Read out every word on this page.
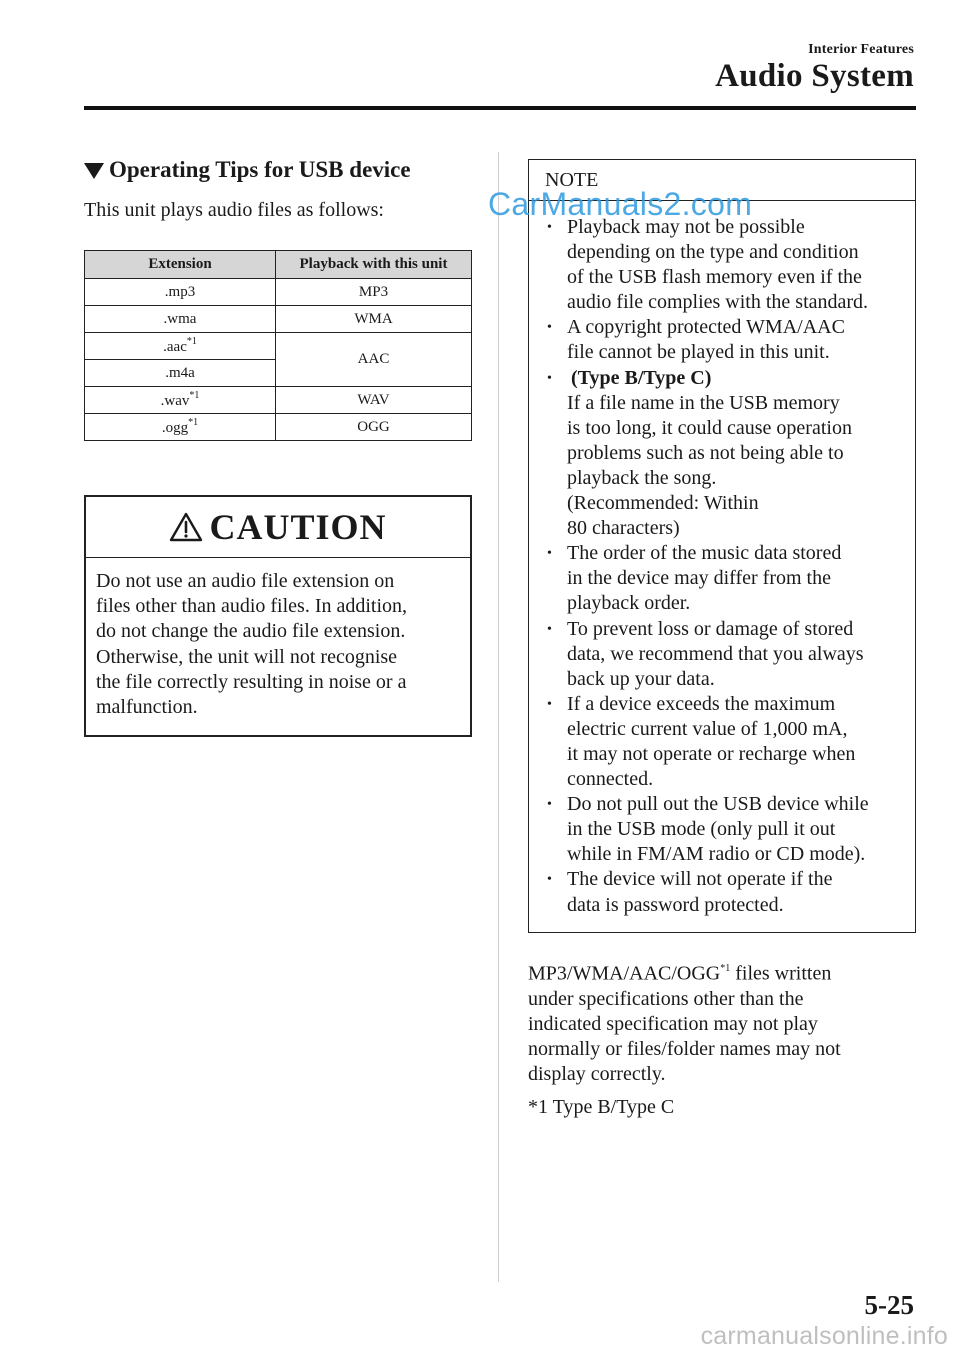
Interior Features
Audio System
Operating Tips for USB device
This unit plays audio files as follows:
Extension	Playback with this unit
.mp3	MP3
.wma	WMA
.aac$^{*1}$	AAC
.m4a	
.wav$^{*1}$	WAV
.ogg$^{*1}$	OGG
CAUTION
Do not use an audio file extension on
files other than audio files. In addition,
do not change the audio file extension.
Otherwise, the unit will not recognise
the file correctly resulting in noise or a
malfunction.
NOTE
• Playback may not be possible
depending on the type and condition
of the USB flash memory even if the
audio file complies with the standard.
• A copyright protected WMA/AAC
file cannot be played in this unit.
• (Type B/Type C)
If a file name in the USB memory
is too long, it could cause operation
problems such as not being able to
playback the song.
(Recommended: Within
80 characters)
• The order of the music data stored
in the device may differ from the
playback order.
• To prevent loss or damage of stored
data, we recommend that you always
back up your data.
• If a device exceeds the maximum
electric current value of 1,000 mA,
it may not operate or recharge when
connected.
• Do not pull out the USB device while
in the USB mode (only pull it out
while in FM/AM radio or CD mode).
• The device will not operate if the
data is password protected.
CarManuals2.com
MP3/WMA/AAC/OGG$^{*1}$ files written
under specifications other than the
indicated specification may not play
normally or files/folder names may not
display correctly.
*1 Type B/Type C
5-25
carmanualsonline.info
